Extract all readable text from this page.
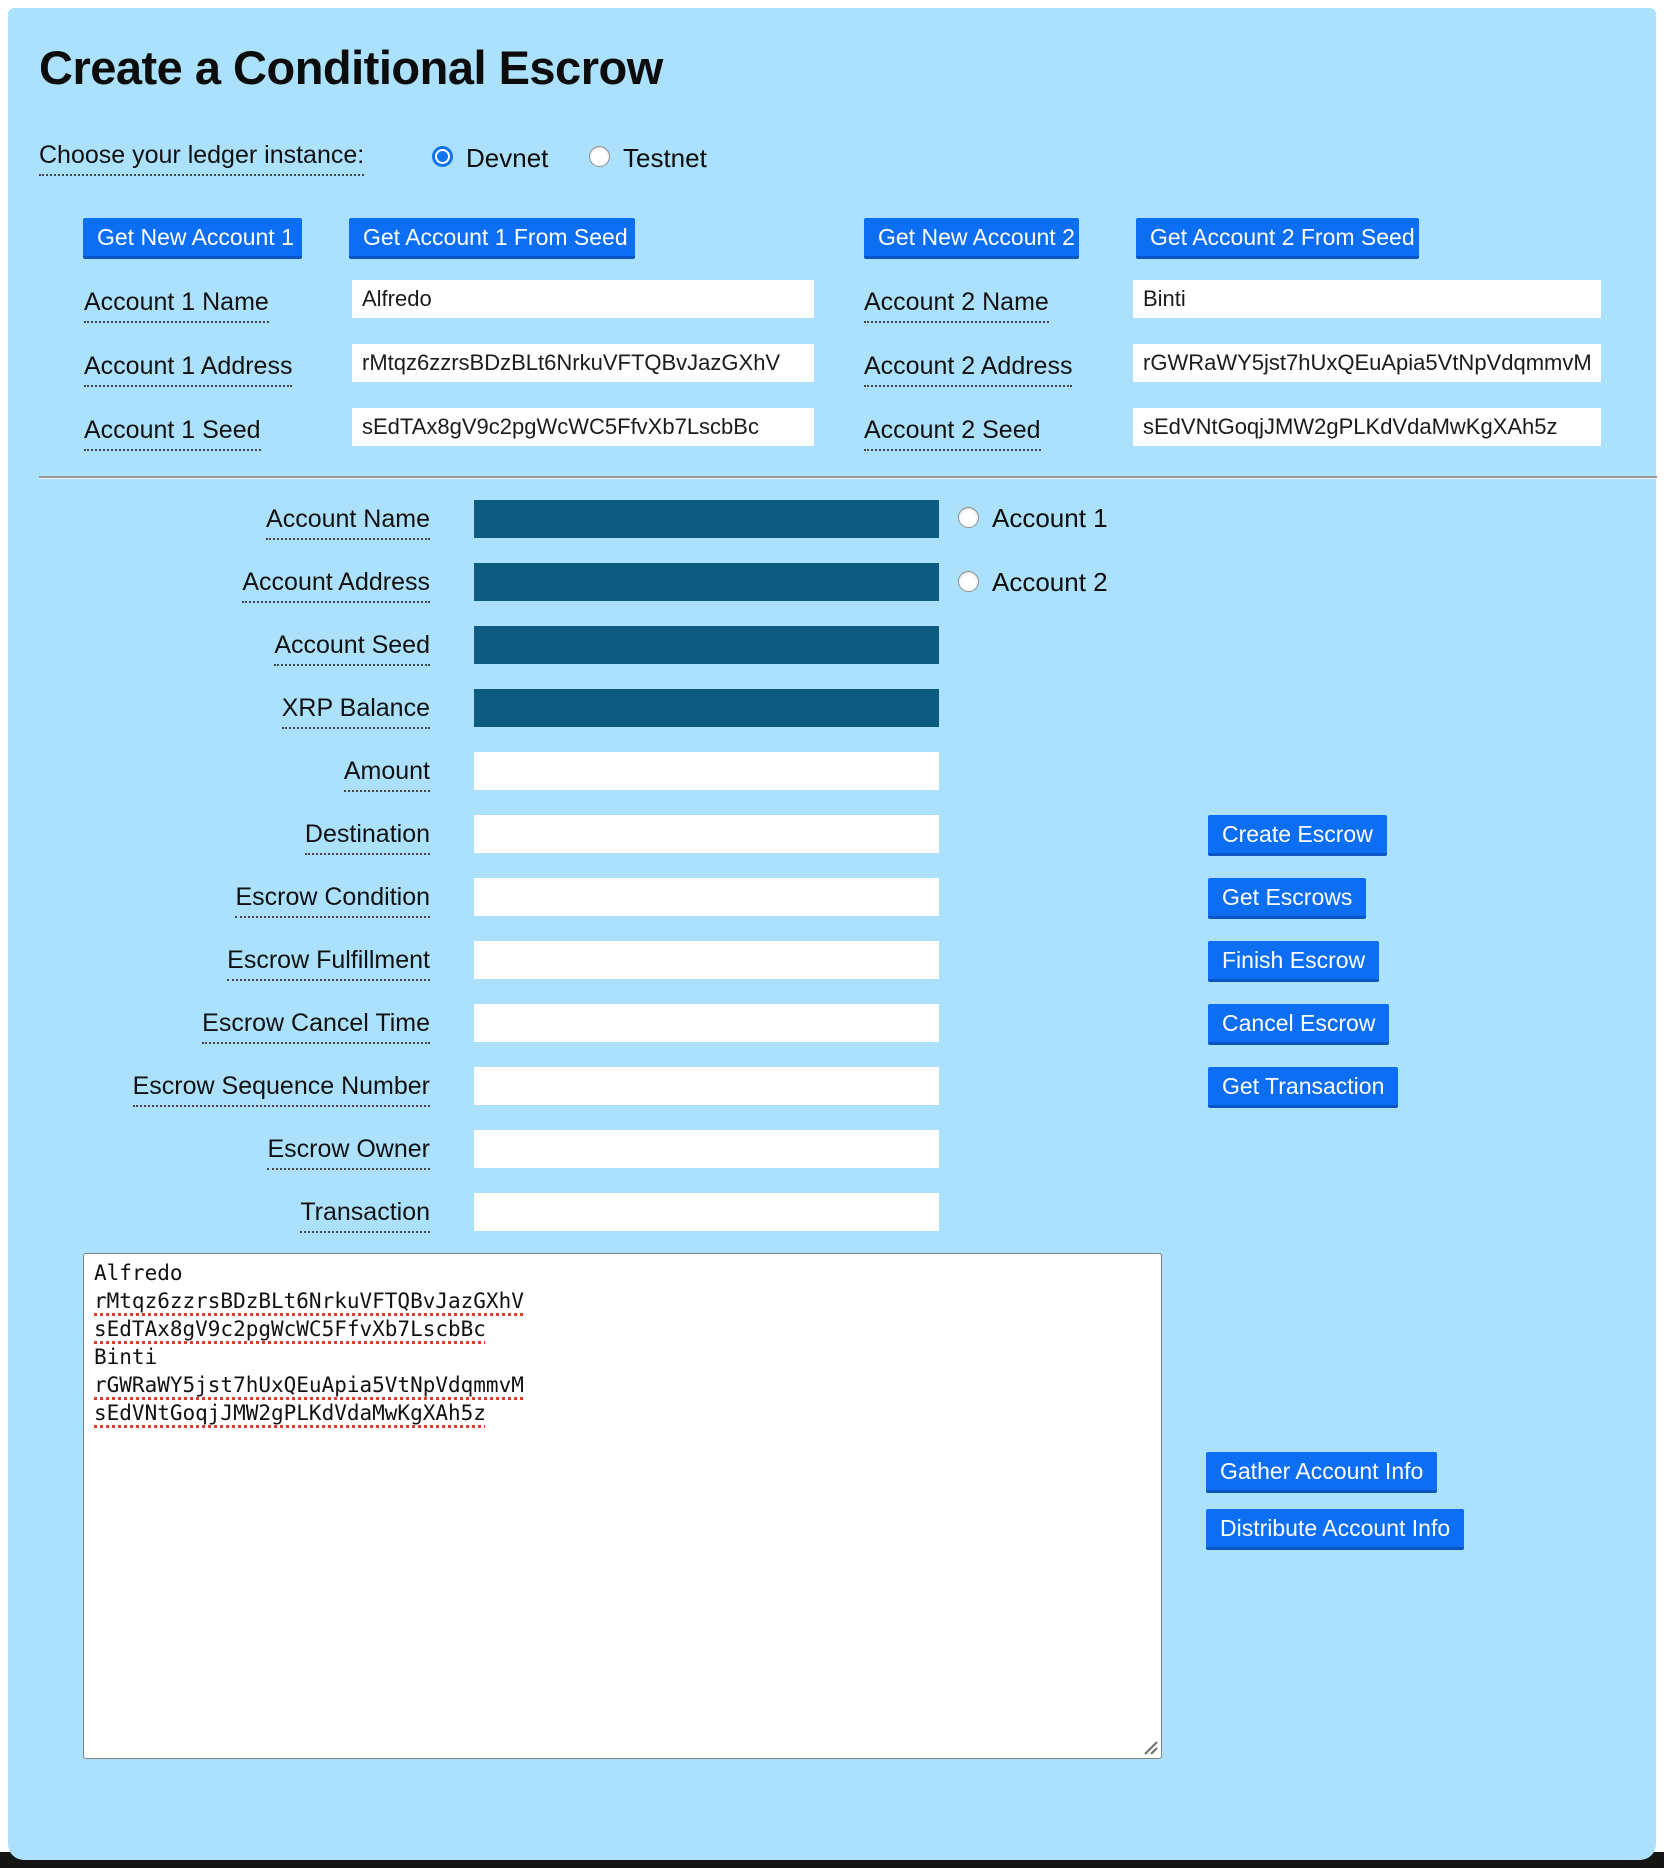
Create a Conditional Escrow
Choose your ledger instance:	Devnet	Testnet
Get New Account 1	Get Account 1 From Seed	Get New Account 2	Get Account 2 From Seed
Account 1 Name
Alfredo
Account 1 Address
rMtqz6zzrsBDzBLt6NrkuVFTQBvJazGXhV
Account 1 Seed
sEdTAx8gV9c2pgWcWC5FfvXb7LscbBc
Account 2 Name
Binti
Account 2 Address
rGWRaWY5jst7hUxQEuApia5VtNpVdqmmvM
Account 2 Seed
sEdVNtGoqjJMW2gPLKdVdaMwKgXAh5z
Account Name
Account Address
Account Seed
XRP Balance
Amount
Destination
Escrow Condition
Escrow Fulfillment
Escrow Cancel Time
Escrow Sequence Number
Escrow Owner
Transaction
Account 1
Account 2
Create Escrow
Get Escrows
Finish Escrow
Cancel Escrow
Get Transaction
Alfredo
rMtqz6zzrsBDzBLt6NrkuVFTQBvJazGXhV
sEdTAx8gV9c2pgWcWC5FfvXb7LscbBc
Binti
rGWRaWY5jst7hUxQEuApia5VtNpVdqmmvM
sEdVNtGoqjJMW2gPLKdVdaMwKgXAh5z
Gather Account Info
Distribute Account Info
